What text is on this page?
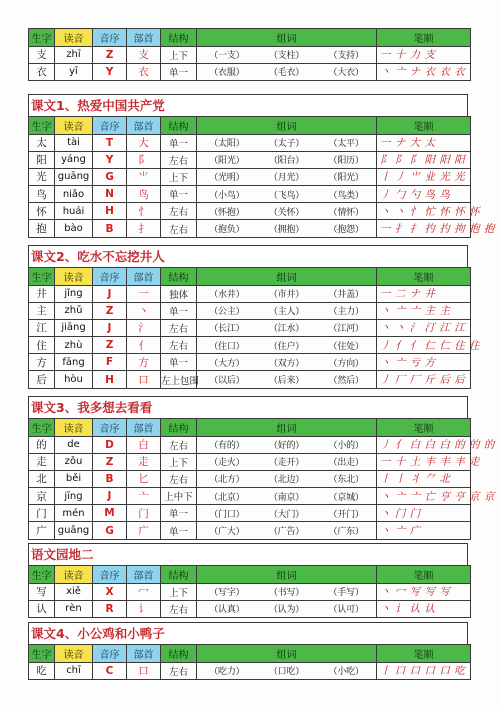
生字	读音	音序	部首	结构	组词	笔顺	
支	zhī	Z	支	上下	（一支） （支柱） （支持）	一 十 力 支	
衣	yī	Y	衣	单一	（衣服） （毛衣） （大衣）	丶 亠 ナ 衣 衣 衣	
课文1、热爱中国共产党
生字	读音	音序	部首	结构	组词	笔顺	
太	tài	T	大	单一	（太阳） （太子） （太平）	一 ナ 大 太	
阳	yáng	Y	阝	左右	（阳光） （阳台） （阳历）	阝 阝 阝 阳 阳 阳	
光	guāng	G	⺌	上下	（光明） （月光） （阳光）	丨 丿 ⺌ 业 光 光	
鸟	niǎo	N	鸟	单一	（小鸟） （飞鸟） （鸟类）	丿 勹 勺 鸟 鸟	
怀	huái	H	忄	左右	（怀抱） （关怀） （情怀）	丶 丶 忄 忙 怀 怀 怀	
抱	bào	B	扌	左右	（抱负） （拥抱） （抱怨）	一 扌 扌 扚 扚 拘 抱 抱	
课文2、吃水不忘挖井人
生字	读音	音序	部首	结构	组词	笔顺	
井	jǐng	J	一	独体	（水井） （市井） （井盖）	一 二 ナ 井	
主	zhǔ	Z	丶	单一	（公主） （主人） （主力）	丶 亠 亠 主 主	
江	jiāng	J	氵	左右	（长江） （江水） （江河）	丶 丶 氵 汀 江 江	
住	zhù	Z	亻	左右	（住口） （住户） （住处）	丿 亻 亻 仁 仁 住 住	
方	fāng	F	方	单一	（大方） （双方） （方向）	丶 亠 亏 方	
后	hòu	H	口	左上包围	（以后） （后来） （然后）	丿 厂 厂 斤 后 后	
课文3、我多想去看看
生字	读音	音序	部首	结构	组词	笔顺	
的	de	D	白	左右	（有的） （好的） （小的）	丿 亻 白 白 白 的 的 的	
走	zǒu	Z	走	上下	（走火） （走开） （出走）	一 十 土 丰 丰 丰 走	
北	běi	B	匕	左右	（北方） （北边） （东北）	丨 丨 丬 ⺈ 北	
京	jīng	J	亠	上中下	（北京） （南京） （京城）	丶 亠 亠 亡 亨 亨 京 京	
门	mén	M	门	单一	（门口） （大门） （开门）	丶 门 门	
广	guǎng	G	广	单一	（广大） （广告） （广东）	丶 亠 广	
语文园地二
生字	读音	音序	部首	结构	组词	笔顺	
写	xiě	X	冖	上下	（写字） （书写） （手写）	丶 冖 写 写 写	
认	rèn	R	讠	左右	（认真） （认为） （认可）	丶 讠 认 认	
课文4、小公鸡和小鸭子
生字	读音	音序	部首	结构	组词	笔顺	
吃	chī	C	口	左右	（吃力） （口吃） （小吃）	丨 口 口 口 口 吃	
